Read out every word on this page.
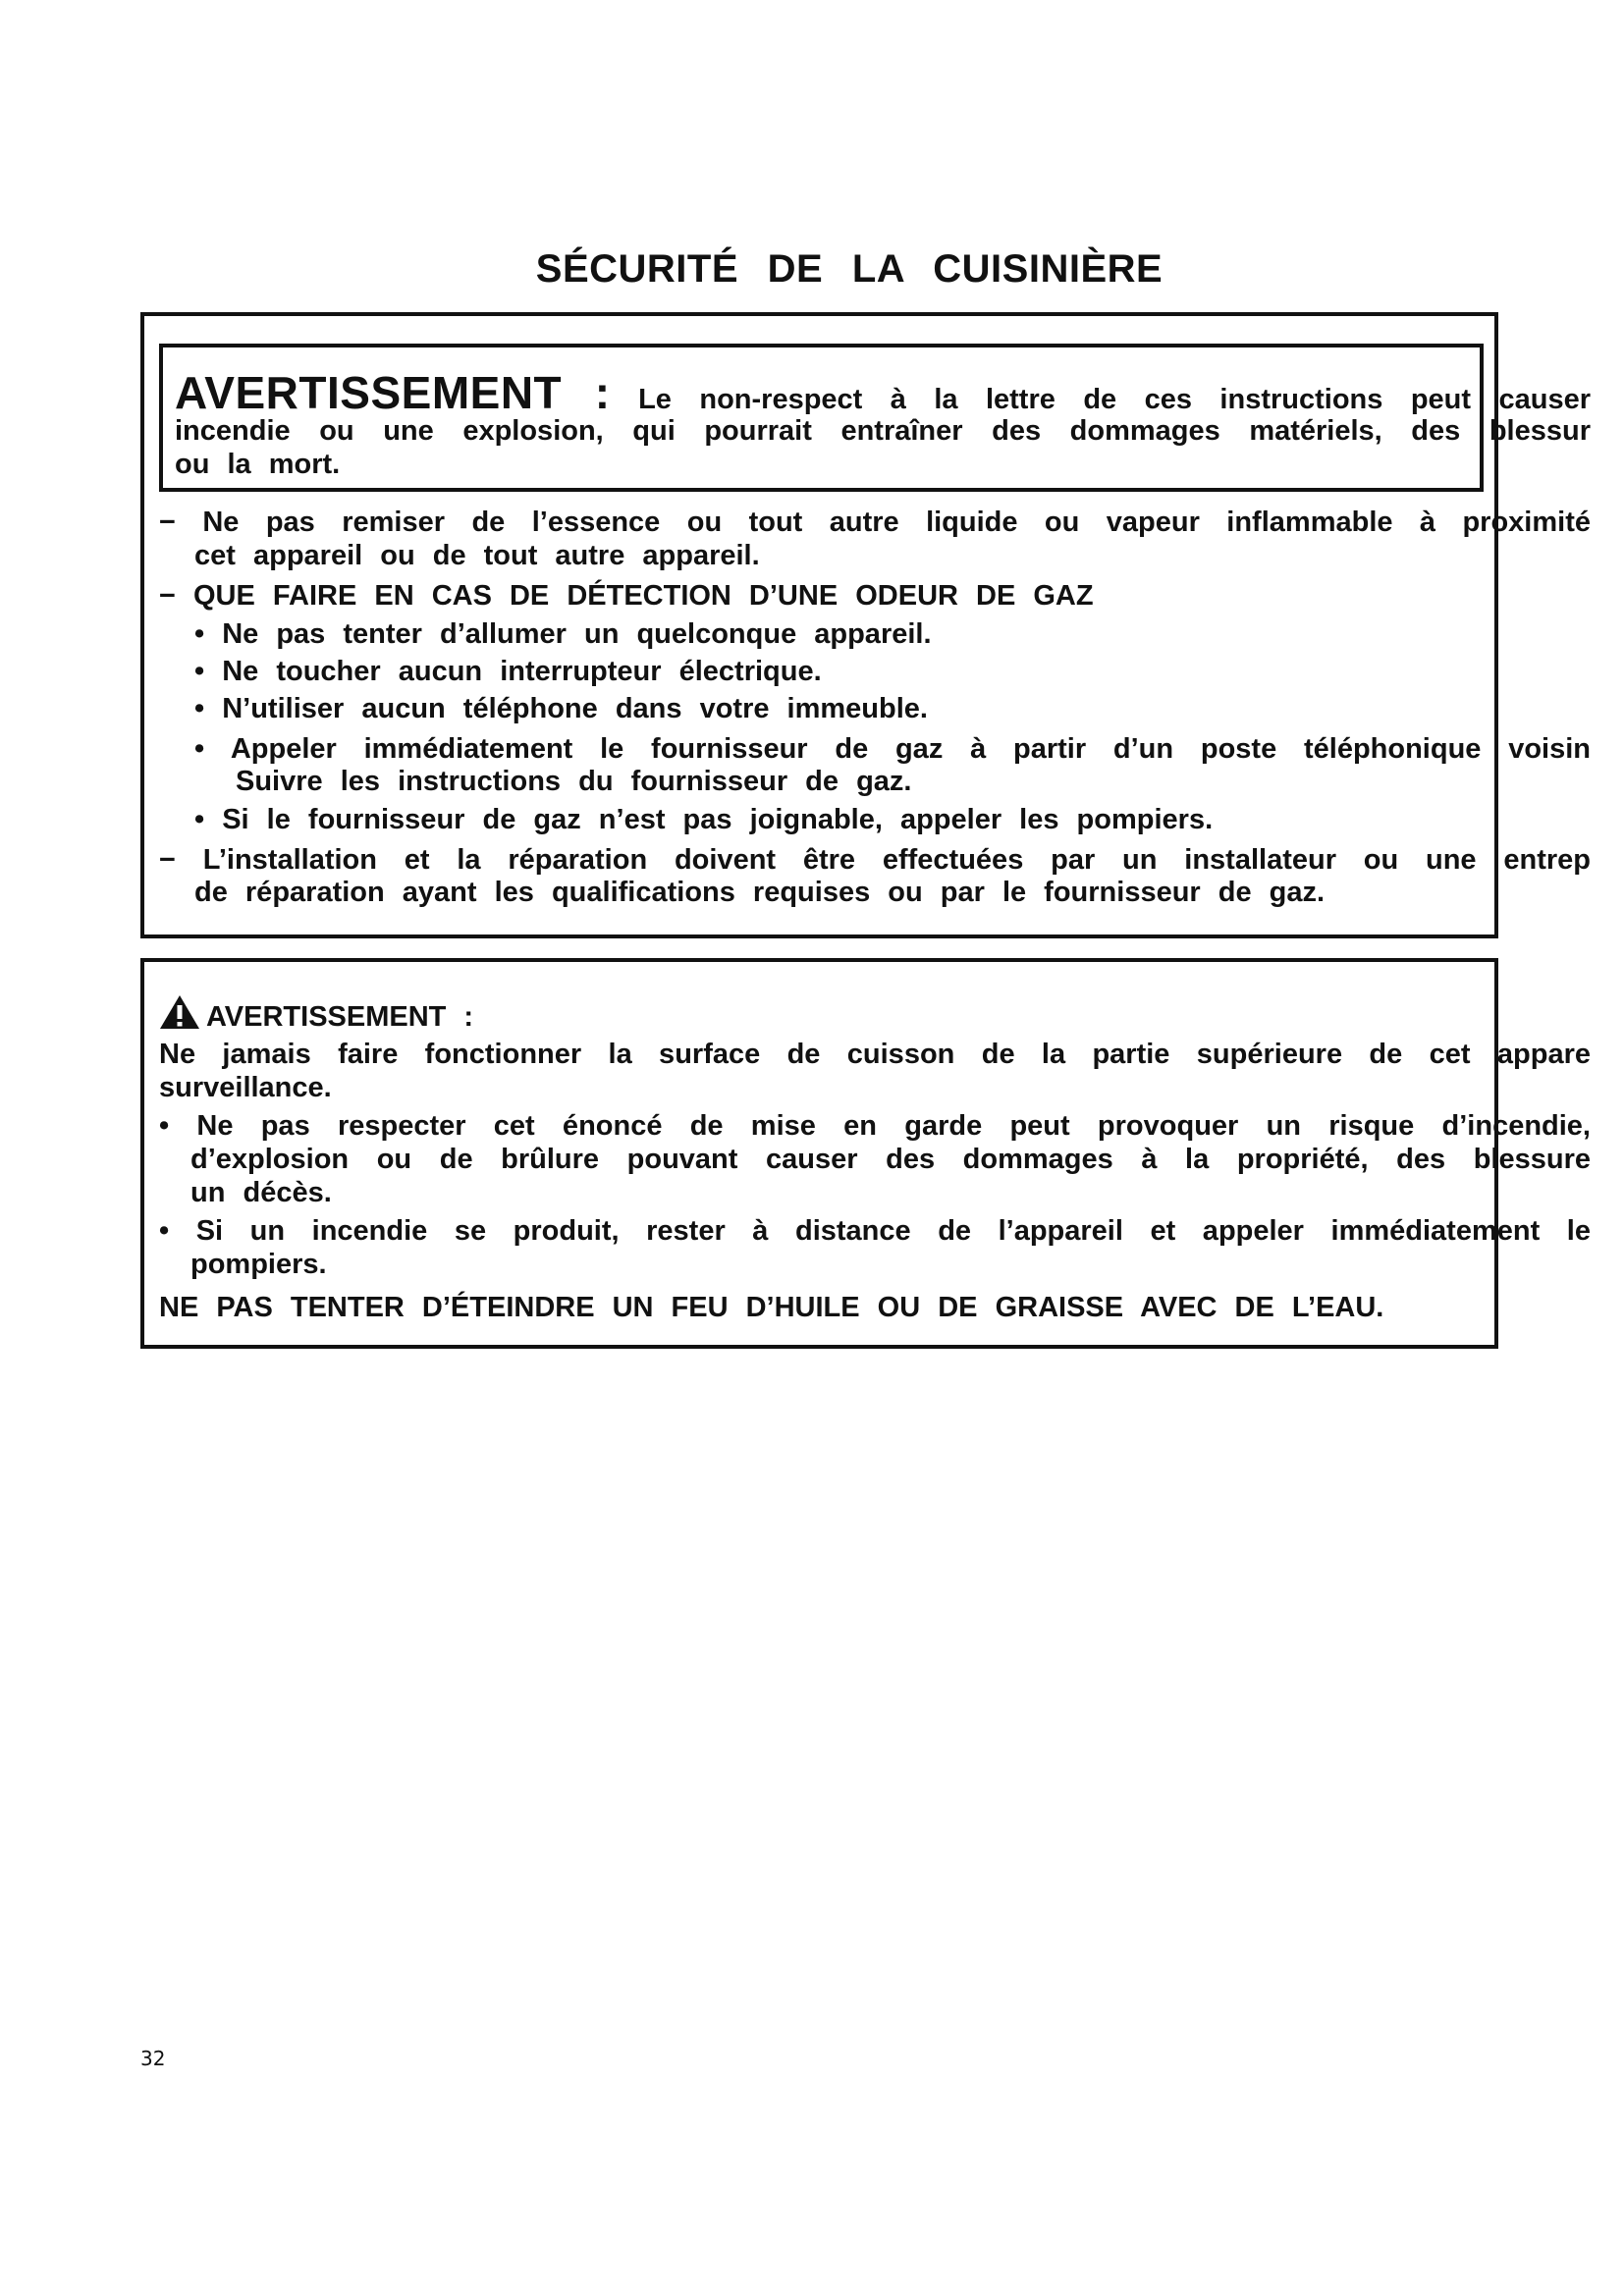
SÉCURITÉ DE LA CUISINIÈRE
AVERTISSEMENT : Le non-respect à la lettre de ces instructions peut causer
incendie ou une explosion, qui pourrait entraîner des dommages matériels, des blessur
ou la mort.
− Ne pas remiser de l’essence ou tout autre liquide ou vapeur inflammable à proximité
cet appareil ou de tout autre appareil.
− QUE FAIRE EN CAS DE DÉTECTION D’UNE ODEUR DE GAZ
• Ne pas tenter d’allumer un quelconque appareil.
• Ne toucher aucun interrupteur électrique.
• N’utiliser aucun téléphone dans votre immeuble.
• Appeler immédiatement le fournisseur de gaz à partir d’un poste téléphonique voisin
Suivre les instructions du fournisseur de gaz.
• Si le fournisseur de gaz n’est pas joignable, appeler les pompiers.
− L’installation et la réparation doivent être effectuées par un installateur ou une entrep
de réparation ayant les qualifications requises ou par le fournisseur de gaz.
AVERTISSEMENT :
Ne jamais faire fonctionner la surface de cuisson de la partie supérieure de cet appare
surveillance.
• Ne pas respecter cet énoncé de mise en garde peut provoquer un risque d’incendie,
d’explosion ou de brûlure pouvant causer des dommages à la propriété, des blessure
un décès.
• Si un incendie se produit, rester à distance de l’appareil et appeler immédiatement le
pompiers.
NE PAS TENTER D’ÉTEINDRE UN FEU D’HUILE OU DE GRAISSE AVEC DE L’EAU.
32
